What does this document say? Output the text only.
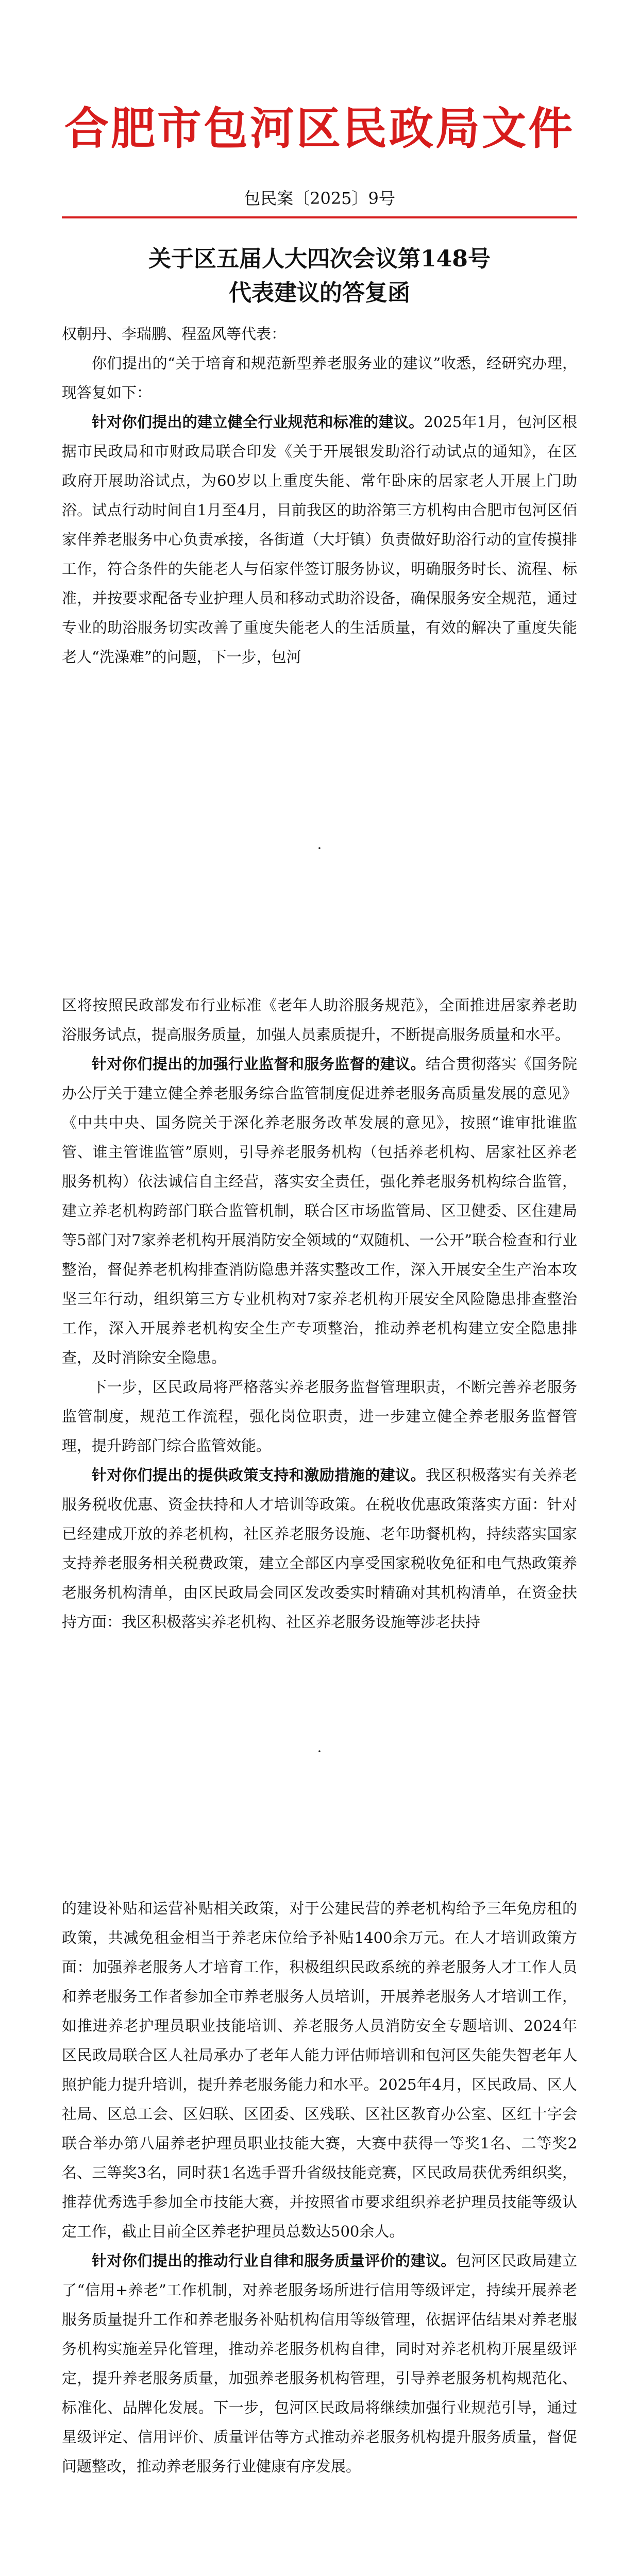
合肥市包河区民政局文件
包民案〔2025〕9号
关于区五届人大四次会议第148号
代表建议的答复函

权朝丹、李瑞鹏、程盈风等代表：

你们提出的“关于培育和规范新型养老服务业的建议”收悉，经研究办理，现答复如下：

针对你们提出的建立健全行业规范和标准的建议。2025年1月，包河区根据市民政局和市财政局联合印发《关于开展银发助浴行动试点的通知》，在区政府开展助浴试点，为60岁以上重度失能、常年卧床的居家老人开展上门助浴。试点行动时间自1月至4月，目前我区的助浴第三方机构由合肥市包河区佰家伴养老服务中心负责承接，各街道（大圩镇）负责做好助浴行动的宣传摸排工作，符合条件的失能老人与佰家伴签订服务协议，明确服务时长、流程、标准，并按要求配备专业护理人员和移动式助浴设备，确保服务安全规范，通过专业的助浴服务切实改善了重度失能老人的生活质量，有效的解决了重度失能老人“洗澡难”的问题，下一步，包河

·

区将按照民政部发布行业标准《老年人助浴服务规范》，全面推进居家养老助浴服务试点，提高服务质量，加强人员素质提升，不断提高服务质量和水平。

针对你们提出的加强行业监督和服务监督的建议。结合贯彻落实《国务院办公厅关于建立健全养老服务综合监管制度促进养老服务高质量发展的意见》《中共中央、国务院关于深化养老服务改革发展的意见》，按照“谁审批谁监管、谁主管谁监管”原则，引导养老服务机构（包括养老机构、居家社区养老服务机构）依法诚信自主经营，落实安全责任，强化养老服务机构综合监管，建立养老机构跨部门联合监管机制，联合区市场监管局、区卫健委、区住建局等5部门对7家养老机构开展消防安全领域的“双随机、一公开”联合检查和行业整治，督促养老机构排查消防隐患并落实整改工作，深入开展安全生产治本攻坚三年行动，组织第三方专业机构对7家养老机构开展安全风险隐患排查整治工作，深入开展养老机构安全生产专项整治，推动养老机构建立安全隐患排查，及时消除安全隐患。

下一步，区民政局将严格落实养老服务监督管理职责，不断完善养老服务监管制度，规范工作流程，强化岗位职责，进一步建立健全养老服务监督管理，提升跨部门综合监管效能。

针对你们提出的提供政策支持和激励措施的建议。我区积极落实有关养老服务税收优惠、资金扶持和人才培训等政策。在税收优惠政策落实方面：针对已经建成开放的养老机构，社区养老服务设施、老年助餐机构，持续落实国家支持养老服务相关税费政策，建立全部区内享受国家税收免征和电气热政策养老服务机构清单，由区民政局会同区发改委实时精确对其机构清单，在资金扶持方面：我区积极落实养老机构、社区养老服务设施等涉老扶持

·

的建设补贴和运营补贴相关政策，对于公建民营的养老机构给予三年免房租的政策，共减免租金相当于养老床位给予补贴1400余万元。在人才培训政策方面：加强养老服务人才培育工作，积极组织民政系统的养老服务人才工作人员和养老服务工作者参加全市养老服务人员培训，开展养老服务人才培训工作，如推进养老护理员职业技能培训、养老服务人员消防安全专题培训、2024年区民政局联合区人社局承办了老年人能力评估师培训和包河区失能失智老年人照护能力提升培训，提升养老服务能力和水平。2025年4月，区民政局、区人社局、区总工会、区妇联、区团委、区残联、区社区教育办公室、区红十字会联合举办第八届养老护理员职业技能大赛，大赛中获得一等奖1名、二等奖2名、三等奖3名，同时获1名选手晋升省级技能竞赛，区民政局获优秀组织奖，推荐优秀选手参加全市技能大赛，并按照省市要求组织养老护理员技能等级认定工作，截止目前全区养老护理员总数达500余人。

针对你们提出的推动行业自律和服务质量评价的建议。包河区民政局建立了“信用+养老”工作机制，对养老服务场所进行信用等级评定，持续开展养老服务质量提升工作和养老服务补贴机构信用等级管理，依据评估结果对养老服务机构实施差异化管理，推动养老服务机构自律，同时对养老机构开展星级评定，提升养老服务质量，加强养老服务机构管理，引导养老服务机构规范化、标准化、品牌化发展。下一步，包河区民政局将继续加强行业规范引导，通过星级评定、信用评价、质量评估等方式推动养老服务机构提升服务质量，督促问题整改，推动养老服务行业健康有序发展。
